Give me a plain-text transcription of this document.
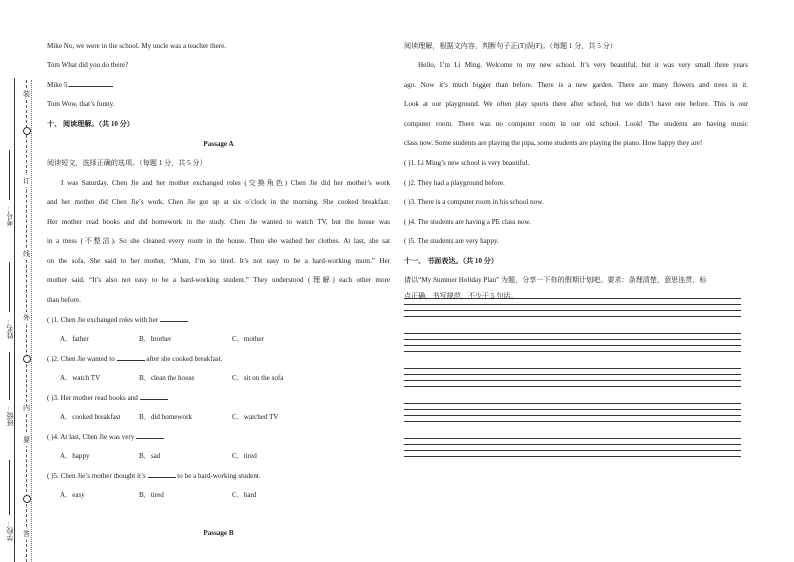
装
订
线
外
内
要
答
考号：
姓名：
班级：
学校：
Mike No, we were in the school. My uncle was a teacher there.
Tom What did you do there?
Mike 5.
Tom Wow, that’s funny.
十、 阅读理解。（共 10 分）
Passage A
阅读短文，选择正确的选项。（每题 1 分，共 5 分）
I was Saturday. Chen Jie and her mother exchanged roles (交换角色) Chen Jie did her mother’s work
and her mother did Chen Jie’s work. Chen Jie got up at six o’clock in the morning. She cooked breakfast.
Her mother read books and did homework in the study. Chen Jie wanted to watch TV, but the house was
in a mess (不整洁). So she cleaned every room in the house. Then she washed her clothes. At last, she sat
on the sofa. She said to her mother, “Mum, I’m so tired. It’s not easy to be a hard-working mum.” Her
mother said, “It’s also not easy to be a hard-working student.” They understood (理解) each other more
than before.
( )1. Chen Jie exchanged roles with her
A．father	B．brother	C．mother
( )2. Chen Jie wanted to	after she cooked breakfast.
A．watch TV	B．clean the house	C．sit on the sofa
( )3. Her mother read books and
A．cooked breakfast	B．did homework	C．watched TV
( )4. At last, Chen Jie was very
A．happy	B．sad	C．tired
( )5. Chen Jie’s mother thought it’s	to be a hard-working student.
A．easy	B．tired	C．hard
Passage B
阅读理解，根据文内容，判断句子正(T)误(F)。（每题 1 分，共 5 分）
Hello, I’m Li Ming. Welcome to my new school. It’s very beautiful, but it was very small three years
ago. Now it’s much bigger than before. There is a new garden. There are many flowers and trees in it.
Look at our playground. We often play sports there after school, but we didn’t have one before. This is our
computer room. There was no computer room in our old school. Look! The students are having music
class now. Some students are playing the pipa, some students are playing the piano. How happy they are!
( )1. Li Ming’s new school is very beautiful.
( )2. They had a playground before.
( )3. There is a computer room in his school now.
( )4. The students are having a PE class now.
( )5. The students are very happy.
十一、 书面表达。（共 10 分）
请以“My Summer Holiday Plan” 为题，分享一下你的假期计划吧。要求：条理清楚，意思连贯，标
点正确，书写规范，不少于 5 句话。
